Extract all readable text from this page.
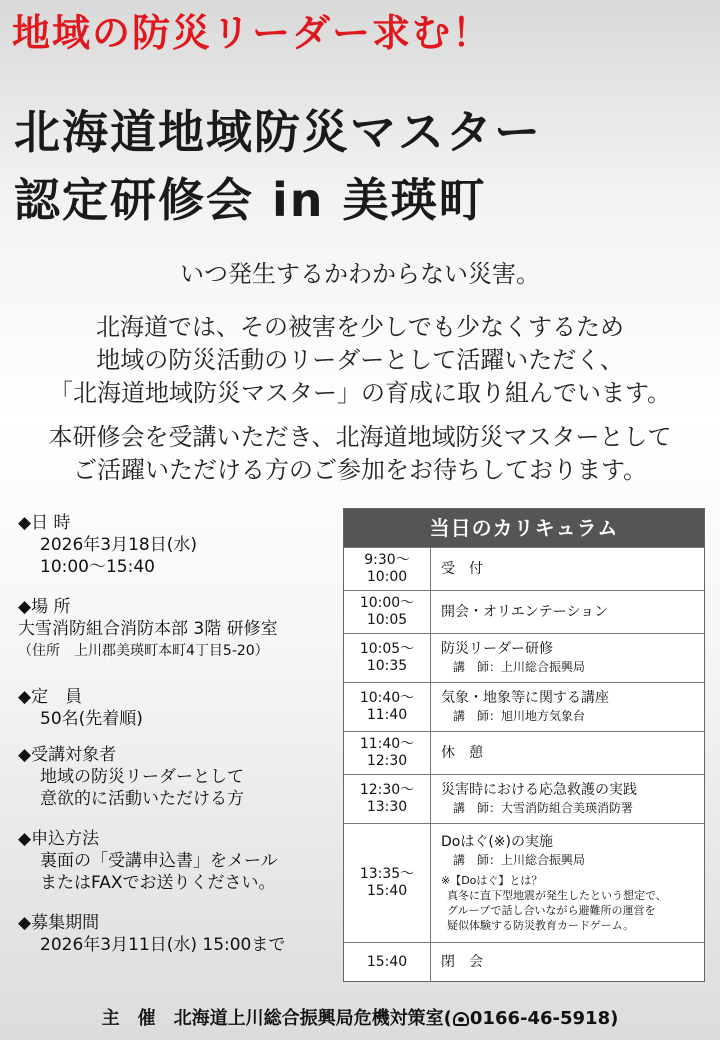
地域の防災リーダー求む！
北海道地域防災マスター
認定研修会 in 美瑛町
いつ発生するかわからない災害。
北海道では、その被害を少しでも少なくするため
地域の防災活動のリーダーとして活躍いただく、
「北海道地域防災マスター」の育成に取り組んでいます。
本研修会を受講いただき、北海道地域防災マスターとして
ご活躍いただける方のご参加をお待ちしております。
◆日 時
2026年3月18日(水)
10:00～15:40
◆場 所
大雪消防組合消防本部 3階 研修室
（住所　上川郡美瑛町本町4丁目5-20）
◆定　員
50名(先着順)
◆受講対象者
地域の防災リーダーとして
意欲的に活動いただける方
◆申込方法
裏面の「受講申込書」をメール
またはFAXでお送りください。
◆募集期間
2026年3月11日(水) 15:00まで
当日のカリキュラム
9:30～
10:00 受　付
10:00～
10:05 開会・オリエンテーション
10:05～
10:35
防災リーダー研修
講　師：上川総合振興局
10:40～
11:40
気象・地象等に関する講座
講　師：旭川地方気象台
11:40～
12:30 休　憩
12:30～
13:30
災害時における応急救護の実践
講　師：大雪消防組合美瑛消防署
13:35～
15:40
Doはぐ(※)の実施
講　師：上川総合振興局
※【Doはぐ】とは？
真冬に直下型地震が発生したという想定で、
グループで話し合いながら避難所の運営を
疑似体験する防災教育カードゲーム。
15:40 閉　会
主　催　北海道上川総合振興局危機対策室( 0166-46-5918)
